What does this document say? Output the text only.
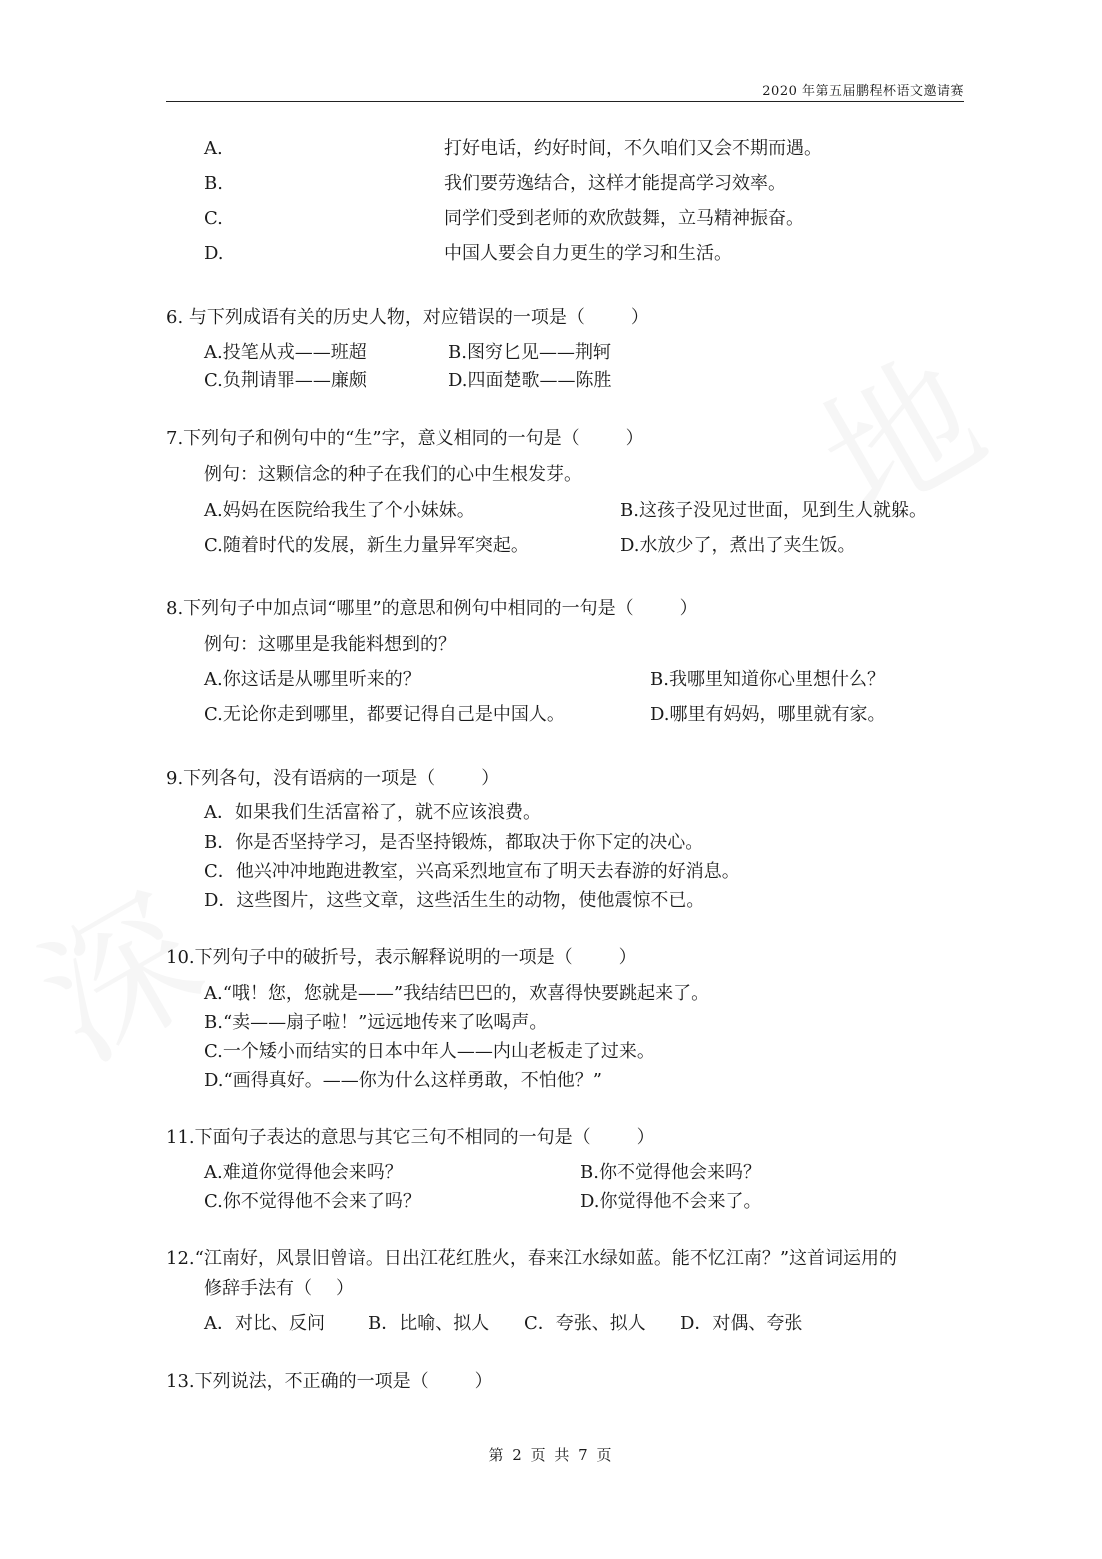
2020 年第五届鹏程杯语文邀请赛
A.	打好电话，约好时间，不久咱们又会不期而遇。
B.	我们要劳逸结合，这样才能提高学习效率。
C.	同学们受到老师的欢欣鼓舞，立马精神振奋。
D.	中国人要会自力更生的学习和生活。
6. 与下列成语有关的历史人物，对应错误的一项是（	）
A.投笔从戎——班超	B.图穷匕见——荆轲
C.负荆请罪——廉颇	D.四面楚歌——陈胜
7.下列句子和例句中的“生”字，意义相同的一句是（	）
例句：这颗信念的种子在我们的心中生根发芽。
A.妈妈在医院给我生了个小妹妹。	B.这孩子没见过世面，见到生人就躲。
C.随着时代的发展，新生力量异军突起。	D.水放少了，煮出了夹生饭。
8.下列句子中加点词“哪里”的意思和例句中相同的一句是（	）
例句：这哪里是我能料想到的？
A.你这话是从哪里听来的？	B.我哪里知道你心里想什么？
C.无论你走到哪里，都要记得自己是中国人。	D.哪里有妈妈，哪里就有家。
9.下列各句，没有语病的一项是（	）
A．如果我们生活富裕了，就不应该浪费。
B．你是否坚持学习，是否坚持锻炼，都取决于你下定的决心。
C．他兴冲冲地跑进教室，兴高采烈地宣布了明天去春游的好消息。
D．这些图片，这些文章，这些活生生的动物，使他震惊不已。
10.下列句子中的破折号，表示解释说明的一项是（	）
A.“哦！您，您就是——”我结结巴巴的，欢喜得快要跳起来了。
B.“卖——扇子啦！”远远地传来了吆喝声。
C.一个矮小而结实的日本中年人——内山老板走了过来。
D.“画得真好。——你为什么这样勇敢，不怕他？”
11.下面句子表达的意思与其它三句不相同的一句是（	）
A.难道你觉得他会来吗？	B.你不觉得他会来吗？
C.你不觉得他不会来了吗？	D.你觉得他不会来了。
12.“江南好，风景旧曾谙。日出江花红胜火，春来江水绿如蓝。能不忆江南？”这首词运用的
修辞手法有（ ）
A．对比、反问 B．比喻、拟人 C．夸张、拟人 D．对偶、夸张
13.下列说法，不正确的一项是（	）
第 2 页 共 7 页
